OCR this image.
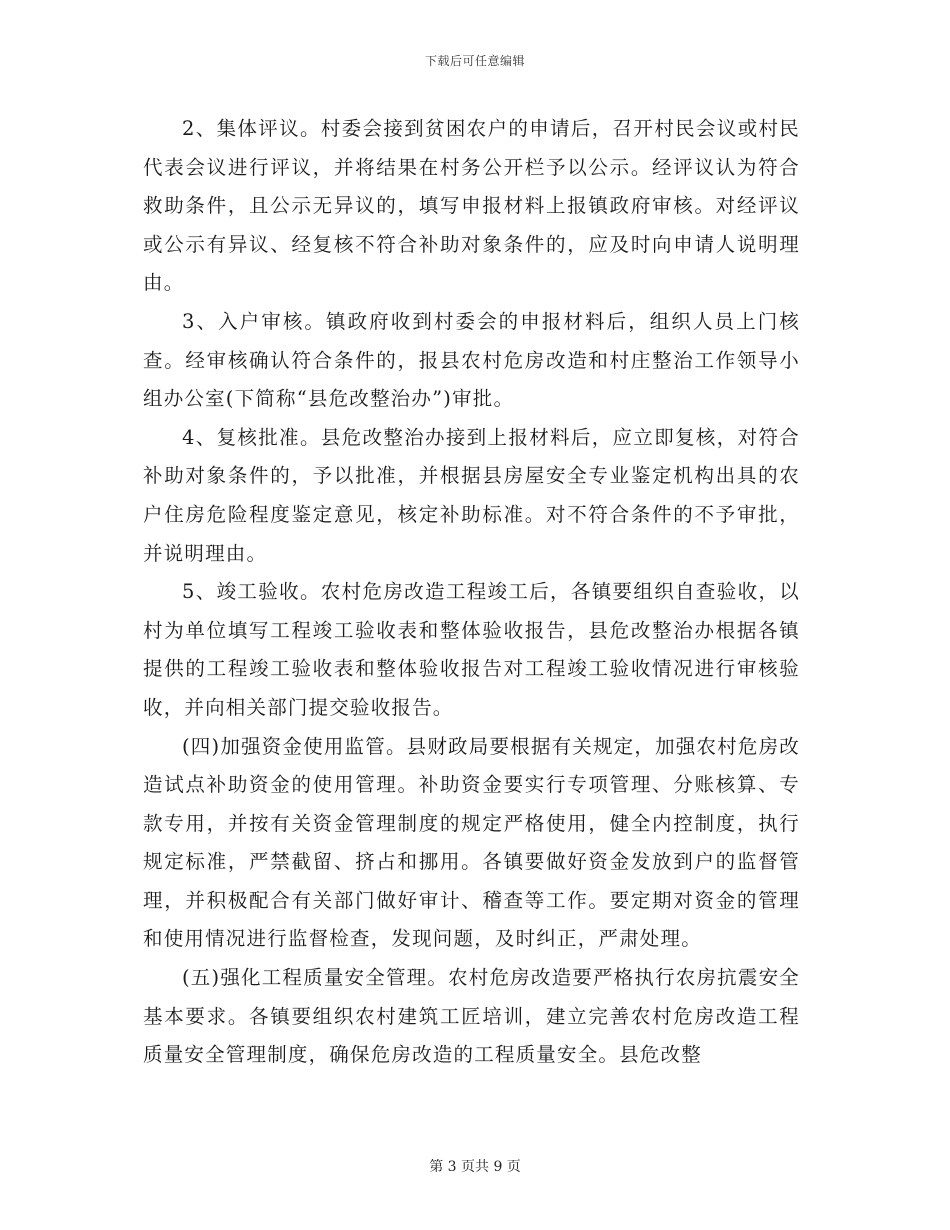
下载后可任意编辑

2、集体评议。村委会接到贫困农户的申请后，召开村民会议或村民代表会议进行评议，并将结果在村务公开栏予以公示。经评议认为符合救助条件，且公示无异议的，填写申报材料上报镇政府审核。对经评议或公示有异议、经复核不符合补助对象条件的，应及时向申请人说明理由。

3、入户审核。镇政府收到村委会的申报材料后，组织人员上门核查。经审核确认符合条件的，报县农村危房改造和村庄整治工作领导小组办公室(下简称“县危改整治办”)审批。

4、复核批准。县危改整治办接到上报材料后，应立即复核，对符合补助对象条件的，予以批准，并根据县房屋安全专业鉴定机构出具的农户住房危险程度鉴定意见，核定补助标准。对不符合条件的不予审批，并说明理由。

5、竣工验收。农村危房改造工程竣工后，各镇要组织自查验收，以村为单位填写工程竣工验收表和整体验收报告，县危改整治办根据各镇提供的工程竣工验收表和整体验收报告对工程竣工验收情况进行审核验收，并向相关部门提交验收报告。

(四)加强资金使用监管。县财政局要根据有关规定，加强农村危房改造试点补助资金的使用管理。补助资金要实行专项管理、分账核算、专款专用，并按有关资金管理制度的规定严格使用，健全内控制度，执行规定标准，严禁截留、挤占和挪用。各镇要做好资金发放到户的监督管理，并积极配合有关部门做好审计、稽查等工作。要定期对资金的管理和使用情况进行监督检查，发现问题，及时纠正，严肃处理。

(五)强化工程质量安全管理。农村危房改造要严格执行农房抗震安全基本要求。各镇要组织农村建筑工匠培训，建立完善农村危房改造工程质量安全管理制度，确保危房改造的工程质量安全。县危改整

第 3 页共 9 页
